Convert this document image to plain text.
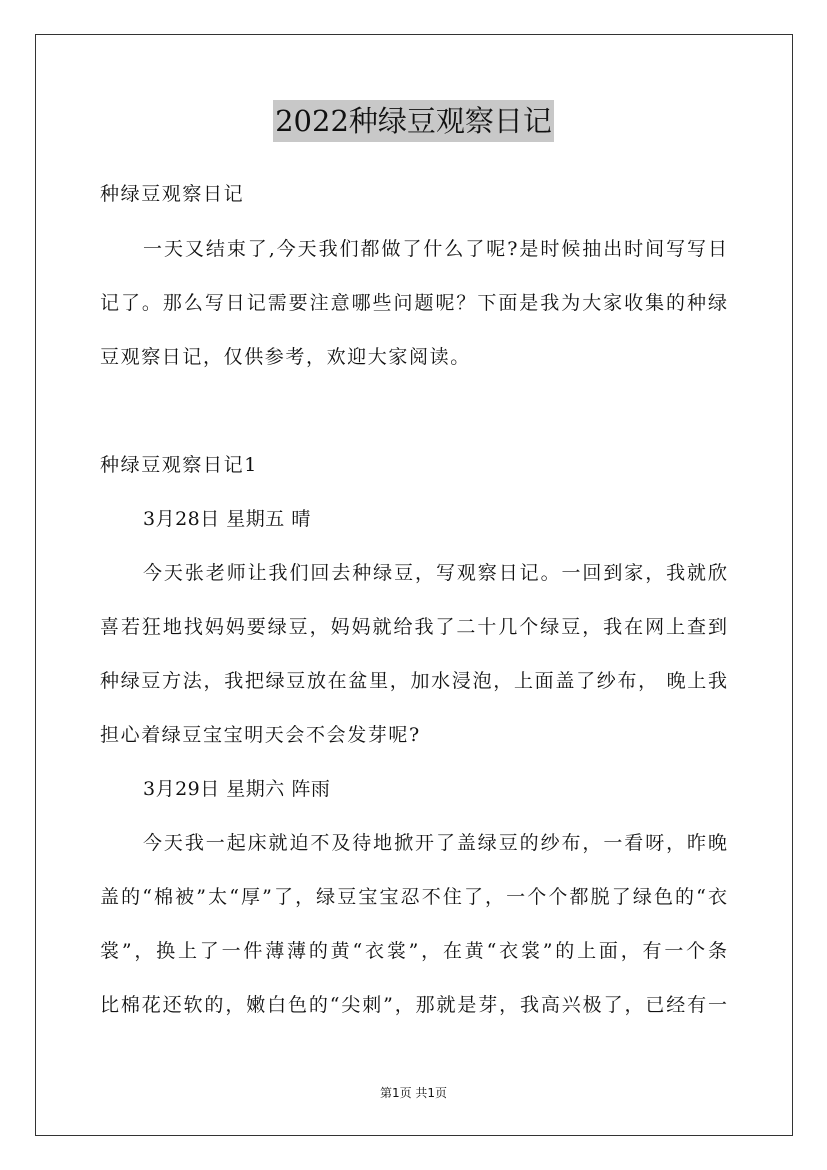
2022种绿豆观察日记
种绿豆观察日记
一天又结束了,今天我们都做了什么了呢?是时候抽出时间写写日
记了。那么写日记需要注意哪些问题呢？下面是我为大家收集的种绿
豆观察日记，仅供参考，欢迎大家阅读。
种绿豆观察日记1
3月28日 星期五 晴
今天张老师让我们回去种绿豆，写观察日记。一回到家，我就欣
喜若狂地找妈妈要绿豆，妈妈就给我了二十几个绿豆，我在网上查到
种绿豆方法，我把绿豆放在盆里，加水浸泡，上面盖了纱布， 晚上我
担心着绿豆宝宝明天会不会发芽呢?
3月29日 星期六 阵雨
今天我一起床就迫不及待地掀开了盖绿豆的纱布，一看呀，昨晚
盖的“棉被”太“厚”了，绿豆宝宝忍不住了，一个个都脱了绿色的“衣
裳”，换上了一件薄薄的黄“衣裳”，在黄“衣裳”的上面，有一个条
比棉花还软的，嫩白色的“尖刺”，那就是芽，我高兴极了，已经有一
第1页 共1页
